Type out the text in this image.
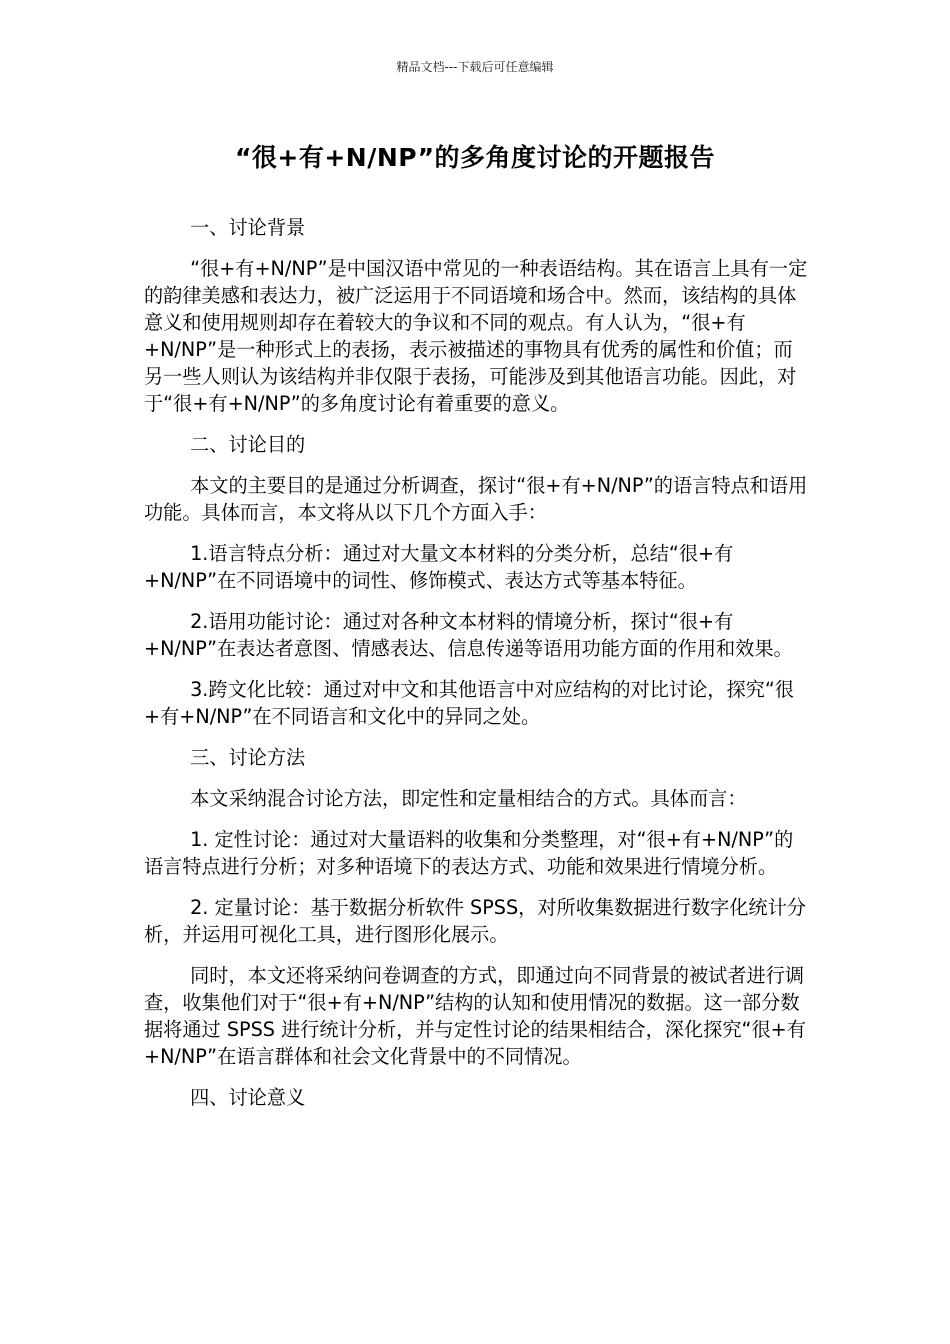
精品文档---下载后可任意编辑
“很+有+N/NP”的多角度讨论的开题报告

一、讨论背景

“很+有+N/NP”是中国汉语中常见的一种表语结构。其在语言上具有一定的韵律美感和表达力，被广泛运用于不同语境和场合中。然而，该结构的具体意义和使用规则却存在着较大的争议和不同的观点。有人认为，“很+有+N/NP”是一种形式上的表扬，表示被描述的事物具有优秀的属性和价值；而另一些人则认为该结构并非仅限于表扬，可能涉及到其他语言功能。因此，对于“很+有+N/NP”的多角度讨论有着重要的意义。

二、讨论目的

本文的主要目的是通过分析调查，探讨“很+有+N/NP”的语言特点和语用功能。具体而言，本文将从以下几个方面入手：

1.语言特点分析：通过对大量文本材料的分类分析，总结“很+有+N/NP”在不同语境中的词性、修饰模式、表达方式等基本特征。

2.语用功能讨论：通过对各种文本材料的情境分析，探讨“很+有+N/NP”在表达者意图、情感表达、信息传递等语用功能方面的作用和效果。

3.跨文化比较：通过对中文和其他语言中对应结构的对比讨论，探究“很+有+N/NP”在不同语言和文化中的异同之处。

三、讨论方法

本文采纳混合讨论方法，即定性和定量相结合的方式。具体而言：

1. 定性讨论：通过对大量语料的收集和分类整理，对“很+有+N/NP”的语言特点进行分析；对多种语境下的表达方式、功能和效果进行情境分析。

2. 定量讨论：基于数据分析软件 SPSS，对所收集数据进行数字化统计分析，并运用可视化工具，进行图形化展示。

同时，本文还将采纳问卷调查的方式，即通过向不同背景的被试者进行调查，收集他们对于“很+有+N/NP”结构的认知和使用情况的数据。这一部分数据将通过 SPSS 进行统计分析，并与定性讨论的结果相结合，深化探究“很+有+N/NP”在语言群体和社会文化背景中的不同情况。

四、讨论意义
